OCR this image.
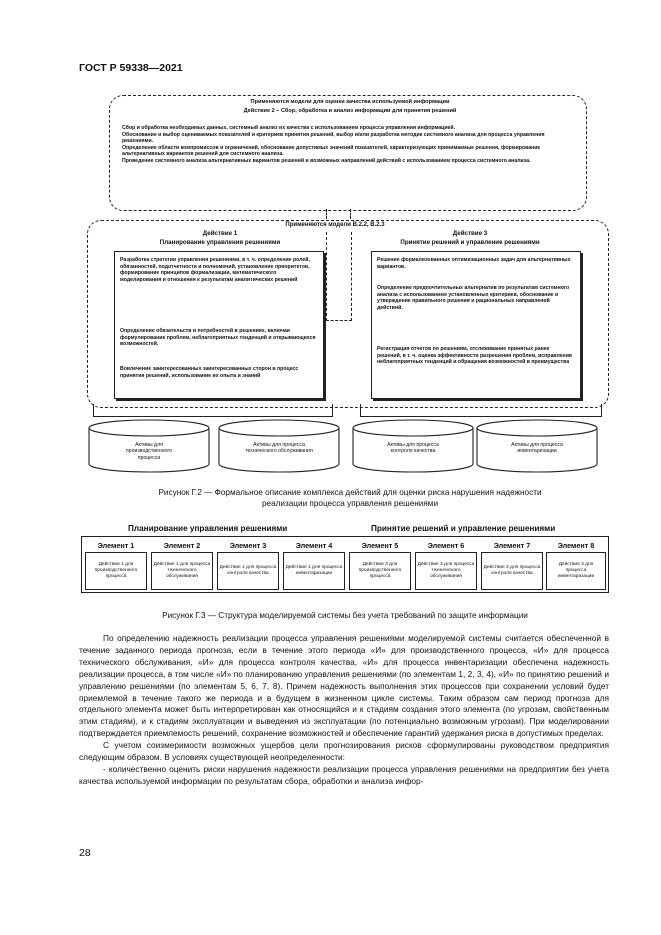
ГОСТ Р 59338—2021
Применяются модели для оценки качества используемой информации
Действие 2 – Сбор, обработка и анализ информации для принятия решений
Сбор и обработка необходимых данных, системный анализ их качества с использованием процесса управления информацией.
Обоснование и выбор оцениваемых показателей и критериев принятия решений, выбор и/или разработка методик системного анализа для процесса управления решениями.
Определение области компромиссов и ограничений, обоснование допустимых значений показателей, характеризующих принимаемые решения, формирование альтернативных вариантов решений для системного анализа.
Проведение системного анализа альтернативных вариантов решений и возможных направлений действий с использованием процесса системного анализа.
Применяются модели В.2.2, В.2.3
Действие 1
Планирование управления решениями
Разработка стратегии управления решениями, в т. ч. определение ролей, обязанностей, подотчетности и полномочий, установление приоритетов, формирование принципов формализации, математического моделирования и отношения к результатам аналитических решений
Определение обязательств и потребностей в решениях, включая формулирование проблем, неблагоприятных тенденций и открывающихся возможностей.
Вовлечение заинтересованных заинтересованных сторон в процесс принятия решений, использование их опыта и знаний
Действие 3
Принятие решений и управление решениями
Решение формализованных оптимизационных задач для альтернативных вариантов.
Определение предпочтительных альтернатив по результатам системного анализа с использованием установленных критериев, обоснование и утверждение правильного решения и рациональных направлений действий.
Регистрация отчетов по решениям, отслеживание принятых ранее решений, в т. ч. оценка эффективности разрешения проблем, исправления неблагоприятных тенденций и обращения возможностей в преимущества
Активы для производственного процесса
Активы для процесса технического обслуживания
Активы для процесса контроля качества
Активы для процесса инвентаризации
Рисунок Г.2 — Формальное описание комплекса действий для оценки риска нарушения надежности реализации процесса управления решениями
Планирование управления решениями	Принятие решений и управление решениями
Элемент 1
Действие 1 для производственного процесса
Элемент 2
Действие 1 для процесса технического обслуживания
Элемент 3
Действие 1 для процесса контроля качества
Элемент 4
Действие 1 для процесса инвентаризации
Элемент 5
Действие 3 для производственного процесса
Элемент 6
Действие 3 для процесса технического обслуживания
Элемент 7
Действие 3 для процесса контроля качества
Элемент 8
Действие 3 для процесса инвентаризации
Рисунок Г.3 — Структура моделируемой системы без учета требований по защите информации

По определению надежность реализации процесса управления решениями моделируемой системы считается обеспеченной в течение заданного периода прогноза, если в течение этого периода «И» для производственного процесса, «И» для процесса технического обслуживания, «И» для процесса контроля качества, «И» для процесса инвентаризации обеспечена надежность реализации процесса, в том числе «И» по планированию управления решениями (по элементам 1, 2, 3, 4), «И» по принятию решений и управлению решениями (по элементам 5, 6, 7, 8). Причем надежность выполнения этих процессов при сохранении условий будет приемлемой в течение такого же периода и в будущем в жизненном цикле системы. Таким образом сам период прогноза для отдельного элемента может быть интерпретирован как относящийся и к стадиям создания этого элемента (по угрозам, свойственным этим стадиям), и к стадиям эксплуатации и выведения из эксплуатации (по потенциально возможным угрозам). При моделировании подтверждается приемлемость решений, сохранение возможностей и обеспечение гарантий удержания риска в допустимых пределах.

С учетом соизмеримости возможных ущербов цели прогнозирования рисков сформулированы руководством предприятия следующим образом. В условиях существующей неопределенности:

- количественно оценить риски нарушения надежности реализации процесса управления решениями на предприятии без учета качества используемой информации по результатам сбора, обработки и анализа инфор-

28
